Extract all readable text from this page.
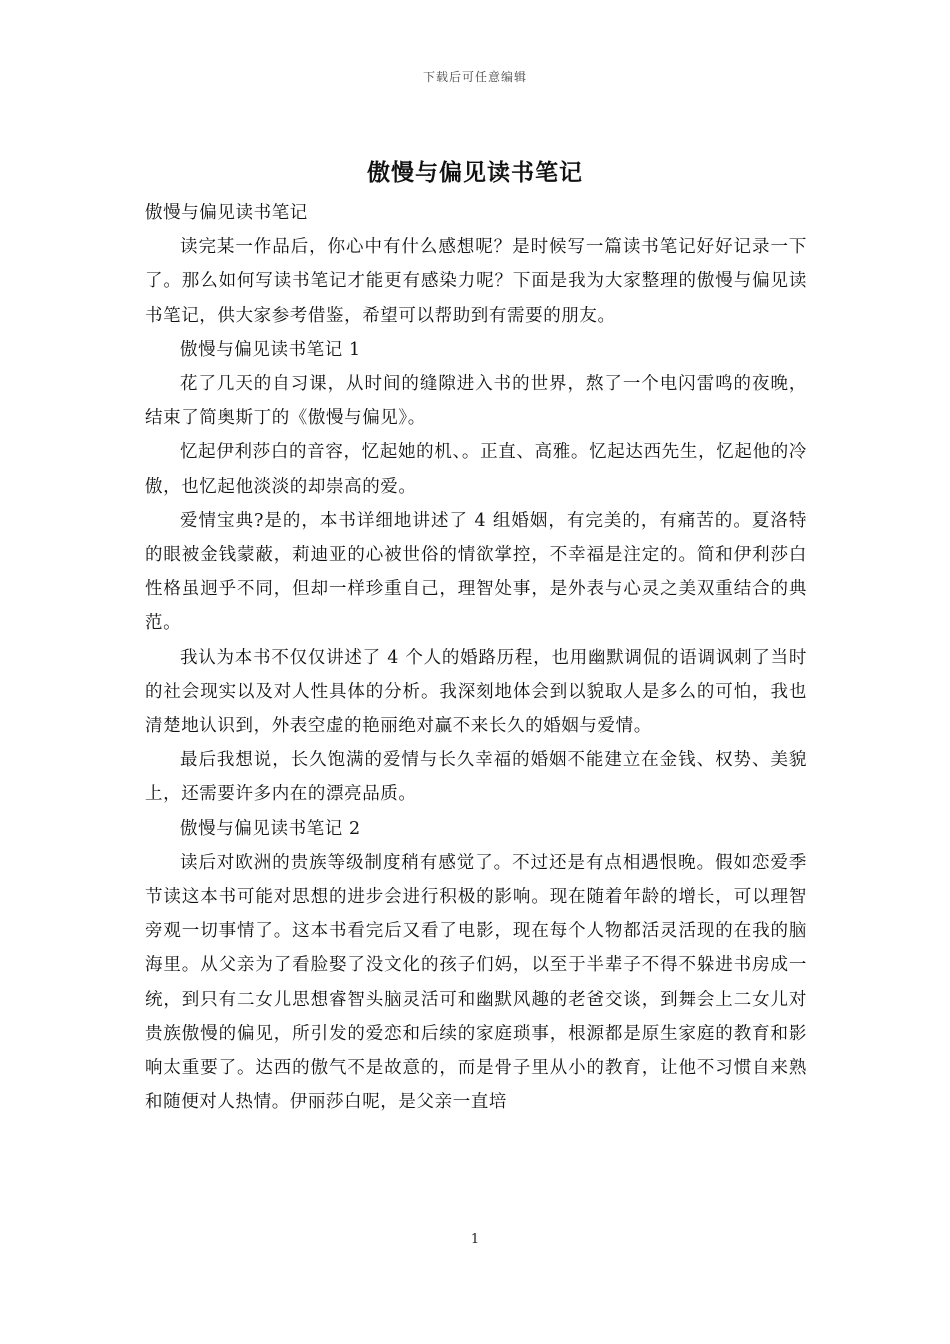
下载后可任意编辑
傲慢与偏见读书笔记

傲慢与偏见读书笔记

读完某一作品后，你心中有什么感想呢？是时候写一篇读书笔记好好记录一下了。那么如何写读书笔记才能更有感染力呢？下面是我为大家整理的傲慢与偏见读书笔记，供大家参考借鉴，希望可以帮助到有需要的朋友。

傲慢与偏见读书笔记 1

花了几天的自习课，从时间的缝隙进入书的世界，熬了一个电闪雷鸣的夜晚，结束了简奥斯丁的《傲慢与偏见》。

忆起伊利莎白的音容，忆起她的机、。正直、高雅。忆起达西先生，忆起他的冷傲，也忆起他淡淡的却崇高的爱。

爱情宝典?是的，本书详细地讲述了 4 组婚姻，有完美的，有痛苦的。夏洛特的眼被金钱蒙蔽，莉迪亚的心被世俗的情欲掌控，不幸福是注定的。简和伊利莎白性格虽迥乎不同，但却一样珍重自己，理智处事，是外表与心灵之美双重结合的典范。

我认为本书不仅仅讲述了 4 个人的婚路历程，也用幽默调侃的语调讽刺了当时的社会现实以及对人性具体的分析。我深刻地体会到以貌取人是多么的可怕，我也清楚地认识到，外表空虚的艳丽绝对赢不来长久的婚姻与爱情。

最后我想说，长久饱满的爱情与长久幸福的婚姻不能建立在金钱、权势、美貌上，还需要许多内在的漂亮品质。

傲慢与偏见读书笔记 2

读后对欧洲的贵族等级制度稍有感觉了。不过还是有点相遇恨晚。假如恋爱季节读这本书可能对思想的进步会进行积极的影响。现在随着年龄的增长，可以理智旁观一切事情了。这本书看完后又看了电影，现在每个人物都活灵活现的在我的脑海里。从父亲为了看脸娶了没文化的孩子们妈，以至于半辈子不得不躲进书房成一统，到只有二女儿思想睿智头脑灵活可和幽默风趣的老爸交谈，到舞会上二女儿对贵族傲慢的偏见，所引发的爱恋和后续的家庭琐事，根源都是原生家庭的教育和影响太重要了。达西的傲气不是故意的，而是骨子里从小的教育，让他不习惯自来熟和随便对人热情。伊丽莎白呢，是父亲一直培

1
